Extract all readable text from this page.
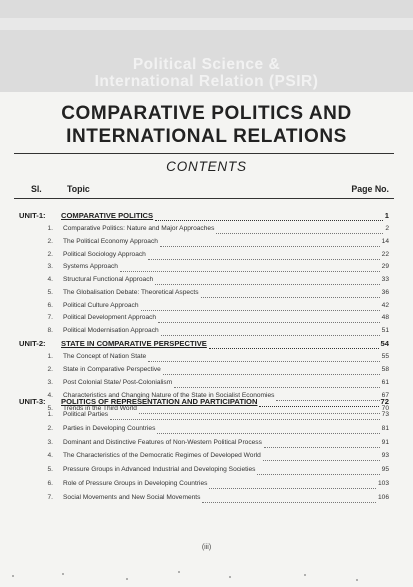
Political Science &
International Relation (PSIR)
COMPARATIVE POLITICS AND
INTERNATIONAL RELATIONS
CONTENTS
Sl.	Topic	Page No.
UNIT-1:	COMPARATIVE POLITICS	1
1.	Comparative Politics: Nature and Major Approaches	2
2.	The Political Economy Approach	14
2.	Political Sociology Approach	22
3.	Systems Approach	29
4.	Structural Functional Approach	33
5.	The Globalisation Debate: Theoretical Aspects	36
6.	Political Culture Approach	42
7.	Political Development Approach	48
8.	Political Modernisation Approach	51
UNIT-2:	STATE IN COMPARATIVE PERSPECTIVE	54
1.	The Concept of Nation State	55
2.	State in Comparative Perspective	58
3.	Post Colonial State/ Post-Colonialism	61
4.	Characteristics and Changing Nature of the State in Socialist Economies	67
5.	Trends in the Third World	70
UNIT-3:	POLITICS OF REPRESENTATION AND PARTICIPATION	72
1.	Political Parties	73
2.	Parties in Developing Countries	81
3.	Dominant and Distinctive Features of Non-Western Political Process	91
4.	The Characteristics of the Democratic Regimes of Developed World	93
5.	Pressure Groups in Advanced Industrial and Developing Societies	95
6.	Role of Pressure Groups in Developing Countries	103
7.	Social Movements and New Social Movements	106
(iii)
